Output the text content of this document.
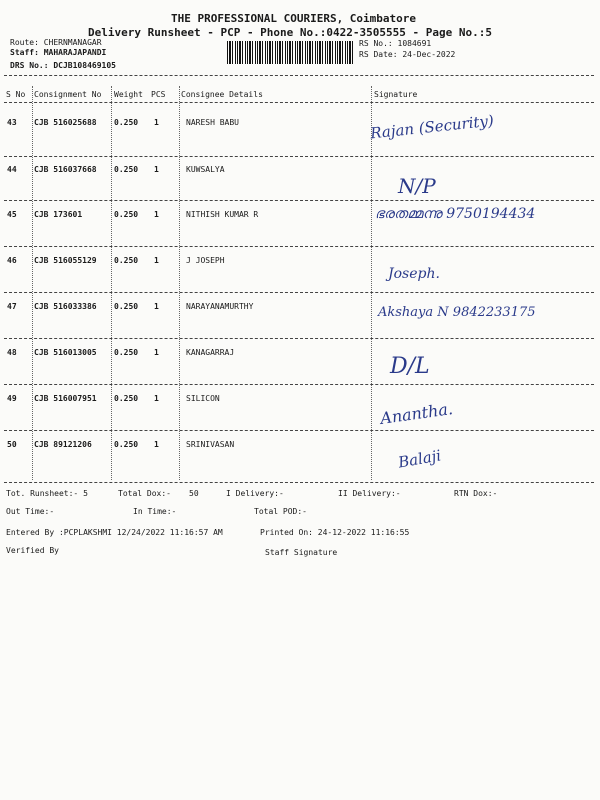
THE PROFESSIONAL COURIERS, Coimbatore
Delivery Runsheet - PCP - Phone No.:0422-3505555 - Page No.:5
Route: CHERNMANAGAR
Staff: MAHARAJAPANDI
DRS No.: DCJB108469105
RS No.: 1084691
RS Date: 24-Dec-2022
S No Consignment No Weight PCS Consignee Details	Signature
43 CJB 516025688 0.250 1	NARESH BABU	Rajan (Security)
44 CJB 516037668 0.250 1	KUWSALYA
N/P
45 CJB 173601	0.250 1	NITHISH KUMAR R	ഭരതമ്മന്നു 9750194434
46 CJB 516055129 0.250 1	J JOSEPH
Joseph.
47 CJB 516033386 0.250 1	NARAYANAMURTHY	Akshaya N 9842233175
48 CJB 516013005 0.250 1	KANAGARRAJ
D/L
49 CJB 516007951 0.250 1	SILICON
Anantha.
50 CJB 89121206	0.250 1	SRINIVASAN
Balaji
Tot. Runsheet:- 5	Total Dox:- 50	I Delivery:-	II Delivery:-	RTN Dox:-
Out Time:-	In Time:-	Total POD:-
Entered By :PCPLAKSHMI 12/24/2022 11:16:57 AM	Printed On: 24-12-2022 11:16:55
Verified By	Staff Signature
